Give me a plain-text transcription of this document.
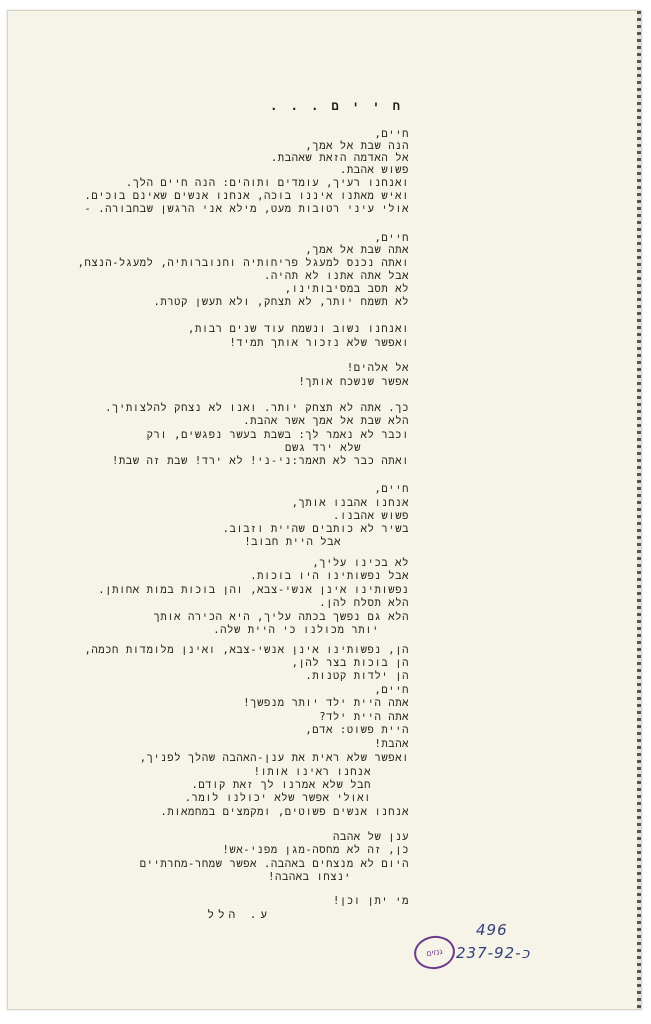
ח י י ם . . .
חיים,
הנה שבת אל אמך,
אל האדמה הזאת שאהבת.
פשוש אהבת.
ואנחנו רעיך, עומדים ותוהים: הנה חיים הלך.
ואיש מאתנו איננו בוכה, אנחנו אנשים שאינם בוכים.
אולי עיני רטובות מעט, מילא אני הרגשן שבחבורה. -
חיים,
אתה שבת אל אמך,
ואתה נכנס למעגל פריחותיה וחנוברותיה, למעגל-הנצח,
אבל אתה אתנו לא תהיה.
לא תסב במסיבותינו,
לא תשמח יותר, לא תצחק, ולא תעשן קטרת.
ואנחנו נשוב ונשמח עוד שנים רבות,
ואפשר שלא נזכור אותך תמיד!
אל אלהים!
אפשר שנשכח אותך!
כך. אתה לא תצחק יותר. ואנו לא נצחק להלצותיך.
הלא שבת אל אמך אשר אהבת.
וכבר לא נאמר לך: בשבת בעשר נפגשים, ורק
שלא ירד גשם
ואתה כבר לא תאמר:ני-ני! לא ירד! שבת זה שבת!
חיים,
אנחנו אהבנו אותך,
פשוש אהבנו.
בשיר לא כותבים שהיית וזבוב.
אבל היית חבוב!
לא בכינו עליך,
אבל נפשותינו היו בוכות.
נפשותינו אינן אנשי-צבא, והן בוכות במות אחותן.
הלא תסלח להן.
הלא גם נפשך בכתה עליך, היא הכירה אותך
יותר מכולנו כי היית שלה.
הן, נפשותינו אינן אנשי-צבא, ואינן מלומדות חכמה,
הן בוכות בצר להן,
הן ילדות קטנות.
חיים,
אתה היית ילד יותר מנפשך!
אתה היית ילד?
היית פשוט: אדם,
אהבת!
ואפשר שלא ראית את ענן-האהבה שהלך לפניך,
אנחנו ראינו אותו!
חבל שלא אמרנו לך זאת קודם.
ואולי אפשר שלא יכולנו לומר.
אנחנו אנשים פשוטים, ומקמצים במחמאות.
ענן של אהבה
כן, זה לא מחסה-מגן מפני-אש!
היום לא מנצחים באהבה. אפשר שמחר-מחרתיים
ינצחו באהבה!
מי יתן וכן!
ע. הלל
496
237-92-כ
גנזים
